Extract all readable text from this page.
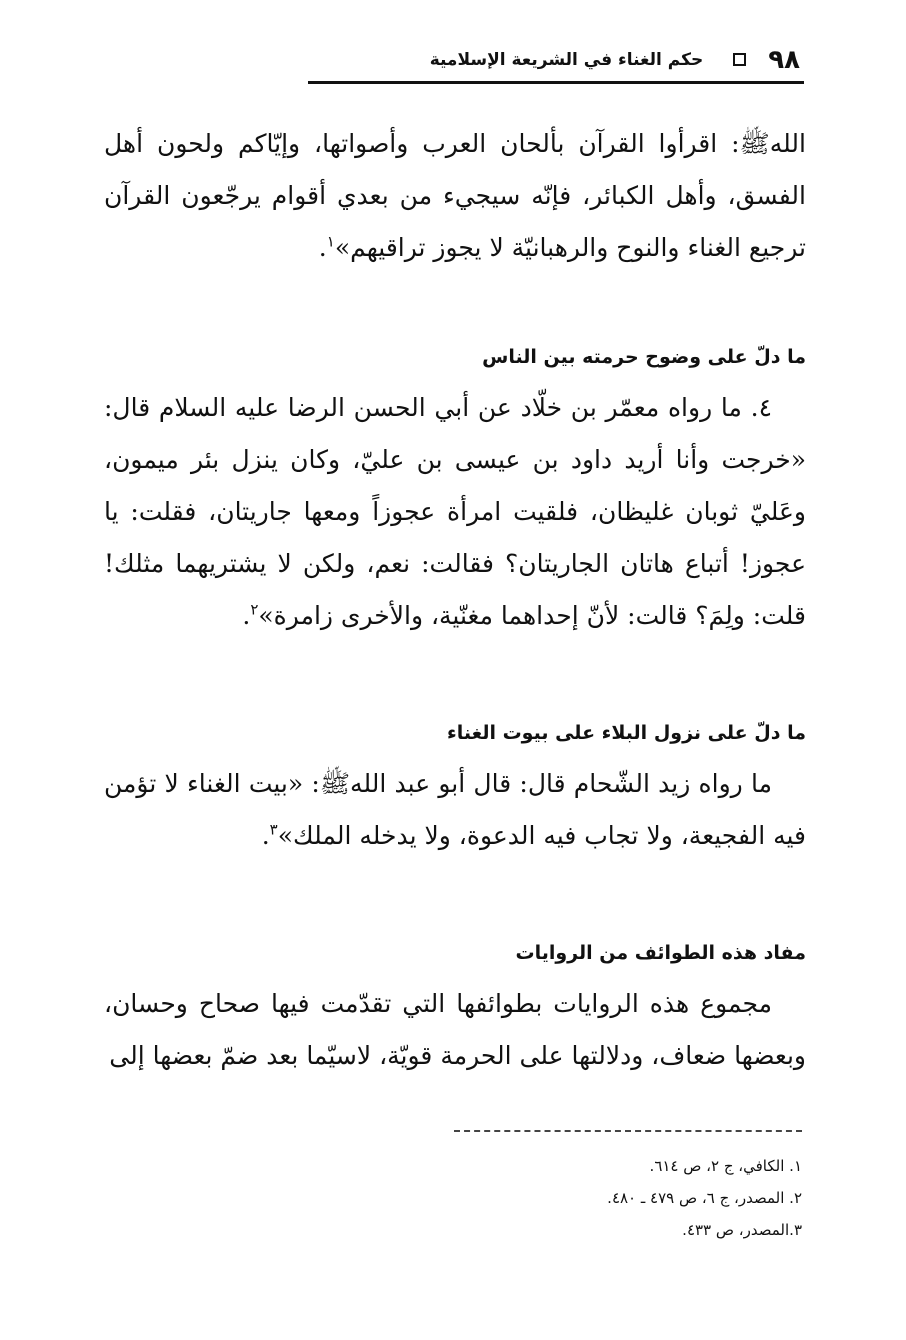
٩٨
حكم الغناء في الشريعة الإسلامية

اللهﷺ: اقرأوا القرآن بألحان العرب وأصواتها، وإيّاكم ولحون أهل الفسق، وأهل الكبائر، فإنّه سيجيء من بعدي أقوام يرجّعون القرآن ترجيع الغناء والنوح والرهبانيّة لا يجوز تراقيهم»$^١$.

ما دلّ على وضوح حرمته بين الناس

٤. ما رواه معمّر بن خلّاد عن أبي الحسن الرضا عليه السلام قال: «خرجت وأنا أريد داود بن عيسى بن عليّ، وكان ينزل بئر ميمون، وعَليّ ثوبان غليظان، فلقيت امرأة عجوزاً ومعها جاريتان، فقلت: يا عجوز! أتباع هاتان الجاريتان؟ فقالت: نعم، ولكن لا يشتريهما مثلك! قلت: ولِمَ؟ قالت: لأنّ إحداهما مغنّية، والأخرى زامرة»$^٢$.

ما دلّ على نزول البلاء على بيوت الغناء

ما رواه زيد الشّحام قال: قال أبو عبد اللهﷺ: «بيت الغناء لا تؤمن فيه الفجيعة، ولا تجاب فيه الدعوة، ولا يدخله الملك»$^٣$.

مفاد هذه الطوائف من الروايات

مجموع هذه الروايات بطوائفها التي تقدّمت فيها صحاح وحسان، وبعضها ضعاف، ودلالتها على الحرمة قويّة، لاسيّما بعد ضمّ بعضها إلى

١. الكافي، ج ٢، ص ٦١٤.
٢. المصدر، ج ٦، ص ٤٧٩ ـ ٤٨٠.
٣.المصدر، ص ٤٣٣.
